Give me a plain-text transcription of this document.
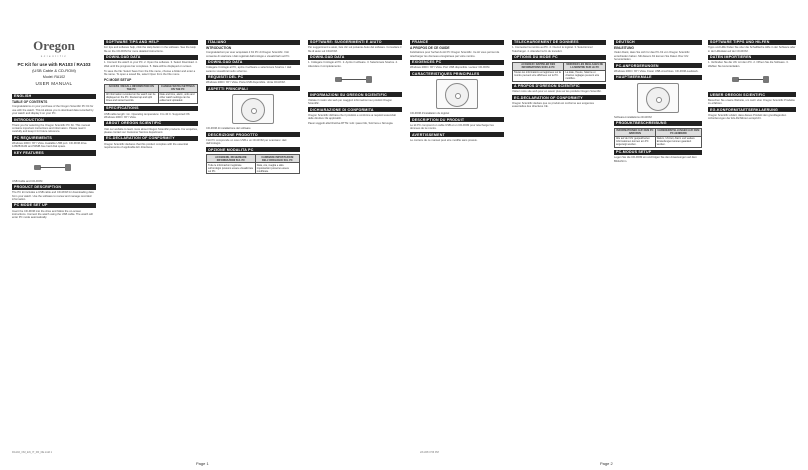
Oregon
scientific
PC Kit for use with RA103 / RA103
(USB Cable & CD-ROM)
Model: RA102
USER MANUAL
ENGLISH
TABLE OF CONTENTS

Congratulations on your purchase of the Oregon Scientific PC Kit for use with the watch. This kit allows you to download data recorded by your watch and display it on your PC.

INTRODUCTION

Thank you for selecting the Oregon Scientific PC Kit. This manual contains important instructions and information. Please read it carefully and keep it for future reference.

PC REQUIREMENTS

Windows 2000 / XP / Vista. Available USB port. CD-ROM drive. 128MB RAM and 50MB free hard disk space.

KEY FEATURES

USB Cable and CD-ROM

PRODUCT DESCRIPTION

The PC kit includes a USB cable and CD-ROM for downloading data from your watch. Use the software to review and manage recorded information.

PC MODE SET UP

Insert the CD-ROM into the drive and follow the on-screen instructions. Connect the watch using the USB cable. The watch will enter PC mode automatically.

SOFTWARE TIPS AND HELP

For tips and software help, click the Help button in the software. See the Help file on the CD-ROM for more detailed instructions.

DOWNLOAD DATA

1. Connect the watch to your PC. 2. Open the software. 3. Select Download. 4. Wait until the progress bar completes. 5. Data will be displayed on screen.

To save the file: Select Save from the File menu, choose a folder and enter a file name. To open a saved file, select Open from the File menu.

PC MODE SETUP
ACCESS / RECALL INFORMATION ON THE PC	CHANGE WATCH SETTINGS ON THE PC
All information recorded on the watch can be displayed on the PC. Review lap and split times and stored records.	Date and time, alarm, units and other watch settings can be edited and uploaded.
SPECIFICATIONS

USB cable length: 1m. Operating temperature: 0 to 40 C. Supported OS: Windows 2000 / XP / Vista.

ABOUT OREGON SCIENTIFIC

Visit our website to learn more about Oregon Scientific products. For enquiries, please contact our Customer Service department.

EC-DECLARATION OF CONFORMITY

Oregon Scientific declares that this product complies with the essential requirements of applicable EC directives.

ITALIANO
INTRODUCTION

Congratulazioni per aver acquistato il Kit PC di Oregon Scientific. Il kit consente di scaricare i dati registrati dall'orologio e visualizzarli sul PC.

DOWNLOAD DATA

Collegare l'orologio al PC, aprire il software e selezionare Scarica. I dati saranno visualizzati sullo schermo.

REQUISITI DEL PC

Windows 2000 / XP / Vista. Porta USB disponibile. Unita CD-ROM.

ASPETTI PRINCIPALI

CD-ROM di installazione del software

DESCRIZIONE PRODOTTO

Il kit PC comprende un cavo USB e un CD-ROM per scaricare i dati dall'orologio.

OPZIONE MODALITA PC
ACCEDERE, RICHIAMARE INFORMAZIONI SUL PC	CAMBIARE IMPOSTAZIONI DELL'OROLOGIO SUL PC
Tutte le informazioni registrate sull'orologio possono essere visualizzate sul PC.	Data, ora, sveglia e altre impostazioni possono essere modificate.
SOFTWARE: SUGGERIMENTI E AIUTO

Per suggerimenti e aiuto, fare clic sul pulsante Aiuto del software. Consultare il file di aiuto sul CD-ROM.

DOWNLOAD DATA

1. Collegare l'orologio al PC. 2. Aprire il software. 3. Selezionare Scarica. 4. Attendere il completamento.

INFORMAZIONI SU OREGON SCIENTIFIC

Visitate il nostro sito web per maggiori informazioni sui prodotti Oregon Scientific.

DICHIARAZIONE DI CONFORMITA

Oregon Scientific dichiara che il prodotto e conforme ai requisiti essenziali delle direttive CE applicabili.

Paesi soggetti alla Direttiva RTTE: tutti i paesi UE, Svizzera e Norvegia.

FRANCE
A PROPOS DE CE GUIDE

Felicitations pour l'achat du kit PC Oregon Scientific. Ce kit vous permet de telecharger les donnees enregistrees par votre montre.

EXIGENCES PC

Windows 2000 / XP / Vista. Port USB disponible. Lecteur CD-ROM.

CARACTERISTIQUES PRINCIPALES

CD-ROM d'installation du logiciel

DESCRIPTION DU PRODUIT

Le kit PC comprend un cable USB et un CD-ROM pour telecharger les donnees de la montre.

AVERTISSEMENT

Le contenu de ce manuel peut etre modifie sans preavis.

TELECHARGEMENT DE DONNEES

1. Connectez la montre au PC. 2. Ouvrez le logiciel. 3. Selectionnez Telecharger. 4. Attendez la fin du transfert.

OPTIONS DU MODE PC
ACCEDER / RAPPELER DES INFORMATIONS SUR LE PC	MODIFIER LES REGLAGES DE LA MONTRE SUR LE PC
Toutes les informations enregistrees sur la montre peuvent etre affichees sur le PC.	La date, l'heure, l'alarme et d'autres reglages peuvent etre modifies.
A PROPOS D'OREGON SCIENTIFIC

Visitez notre site web pour en savoir plus sur les produits Oregon Scientific.

EC-DECLARATION OF CONFORMITY

Oregon Scientific declare que ce produit est conforme aux exigences essentielles des directives CE.

DEUTSCH
EINLEITUNG

Vielen Dank, dass Sie sich fur das PC-Kit von Oregon Scientific entschieden haben. Mit diesem Kit konnen Sie Daten Ihrer Uhr herunterladen.

PC-ANFORDERUNGEN

Windows 2000 / XP / Vista. Freier USB-Anschluss. CD-ROM-Laufwerk.

HAUPTMERKMALE

Software-Installations-CD-ROM

PRODUKTBESCHREIBUNG
INFORMATIONEN AUF DEM PC ABRUFEN	UHRENEINSTELLUNGEN AUF DEM PC AENDERN
Alle auf der Uhr gespeicherten Informationen konnen am PC angezeigt werden.	Datum, Uhrzeit, Alarm und weitere Einstellungen konnen geandert werden.
PC-MODUS SETUP

Legen Sie die CD-ROM ein und folgen Sie den Anweisungen auf dem Bildschirm.

SOFTWARE TIPPS UND HILFEN

Tipps und Hilfe finden Sie uber die Schaltflache Hilfe in der Software oder in der Hilfedatei auf der CD-ROM.

DATEN IMPORTIEREN

1. Verbinden Sie die Uhr mit dem PC. 2. Offnen Sie die Software. 3. Wahlen Sie Herunterladen.

UEBER OREGON SCIENTIFIC

Besuchen Sie unsere Website, um mehr uber Oregon Scientific Produkte zu erfahren.

EG-KONFORMITAETSERKLAERUNG

Oregon Scientific erklart, dass dieses Produkt den grundlegenden Anforderungen der EG-Richtlinien entspricht.

RA102_OM_EN_IT_FR_DE.indd 1
Page 1
2/11/08 3:56 PM
Page 2
